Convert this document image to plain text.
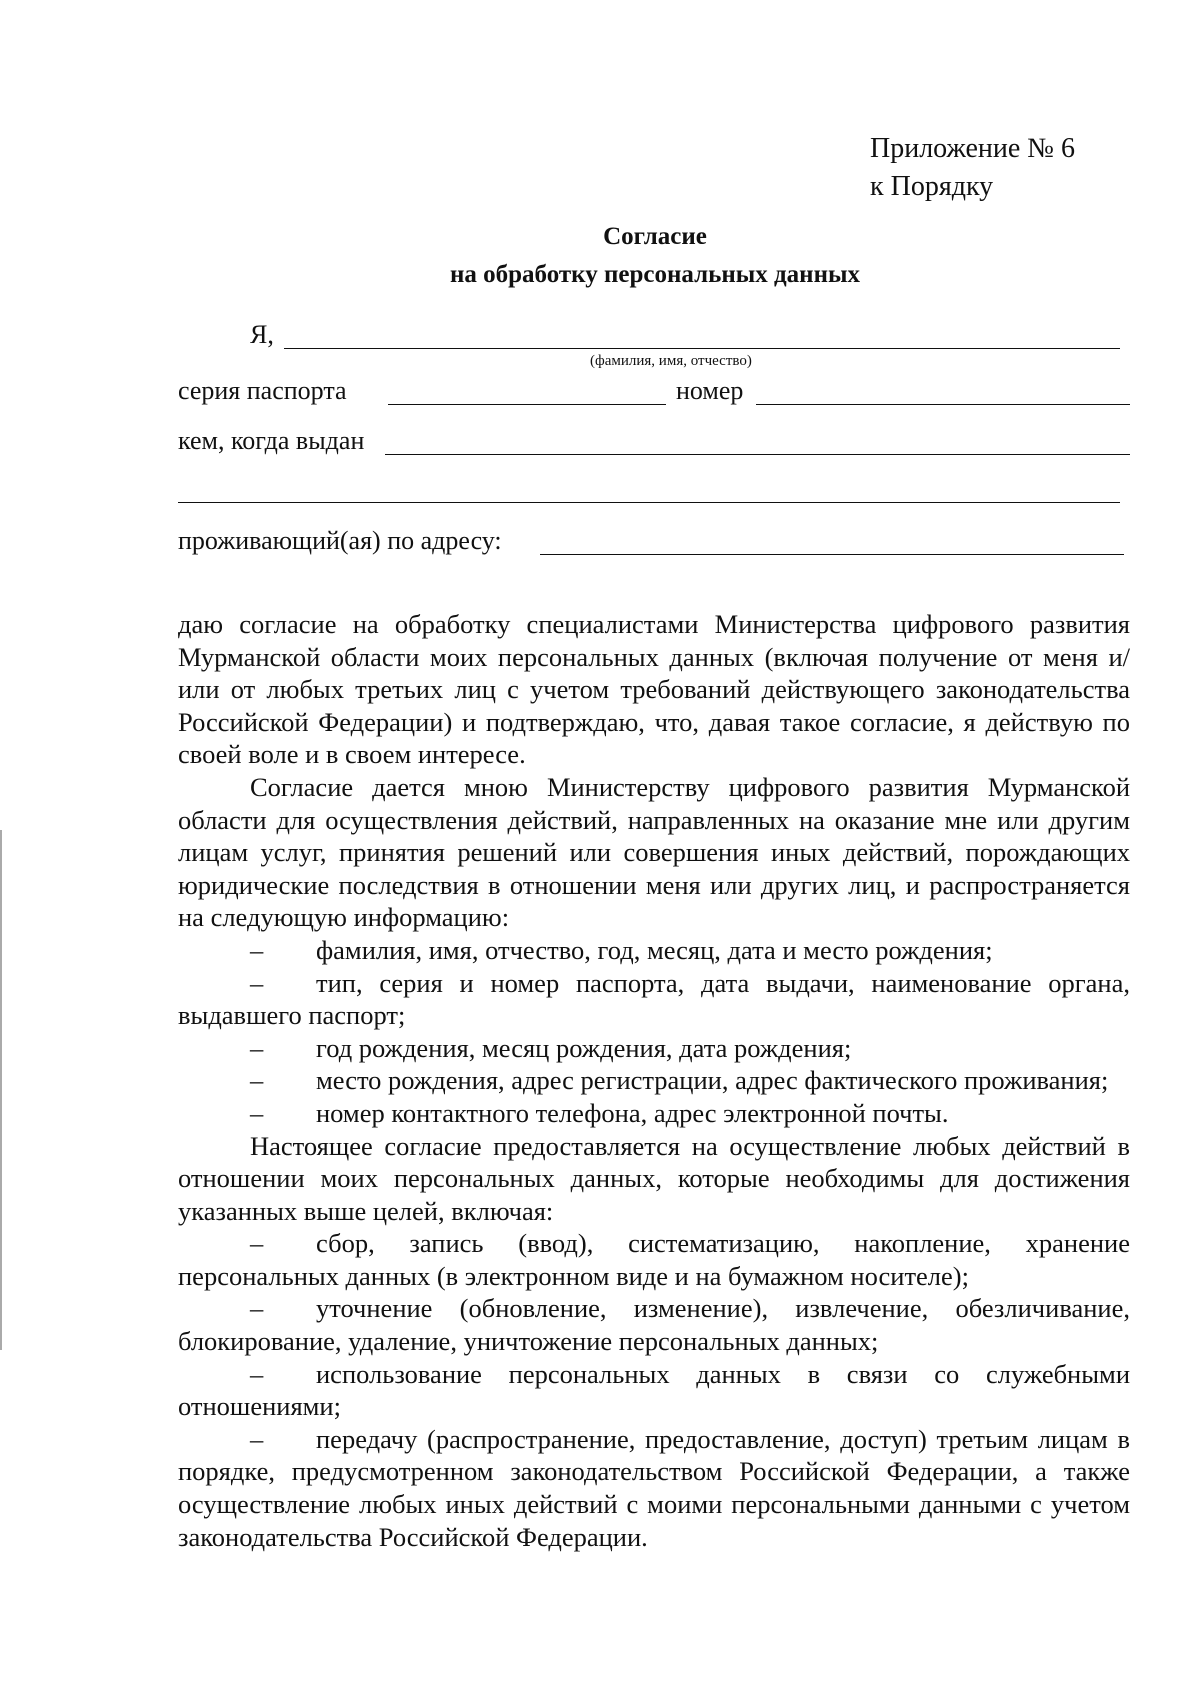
Приложение № 6
к Порядку
Согласие
на обработку персональных данных
Я,
(фамилия, имя, отчество)
серия паспорта	номер
кем, когда выдан
проживающий(ая) по адресу:

даю согласие на обработку специалистами Министерства цифрового развития Мурманской области моих персональных данных (включая получение от меня и/или от любых третьих лиц с учетом требований действующего законодательства Российской Федерации) и подтверждаю, что, давая такое согласие, я действую по своей воле и в своем интересе.

Согласие дается мною Министерству цифрового развития Мурманской области для осуществления действий, направленных на оказание мне или другим лицам услуг, принятия решений или совершения иных действий, порождающих юридические последствия в отношении меня или других лиц, и распространяется на следующую информацию:

– фамилия, имя, отчество, год, месяц, дата и место рождения;

– тип, серия и номер паспорта, дата выдачи, наименование органа, выдавшего паспорт;

– год рождения, месяц рождения, дата рождения;

– место рождения, адрес регистрации, адрес фактического проживания;

– номер контактного телефона, адрес электронной почты.

Настоящее согласие предоставляется на осуществление любых действий в отношении моих персональных данных, которые необходимы для достижения указанных выше целей, включая:

– сбор, запись (ввод), систематизацию, накопление, хранение персональных данных (в электронном виде и на бумажном носителе);

– уточнение (обновление, изменение), извлечение, обезличивание, блокирование, удаление, уничтожение персональных данных;

– использование персональных данных в связи со служебными отношениями;

– передачу (распространение, предоставление, доступ) третьим лицам в порядке, предусмотренном законодательством Российской Федерации, а также осуществление любых иных действий с моими персональными данными с учетом законодательства Российской Федерации.
